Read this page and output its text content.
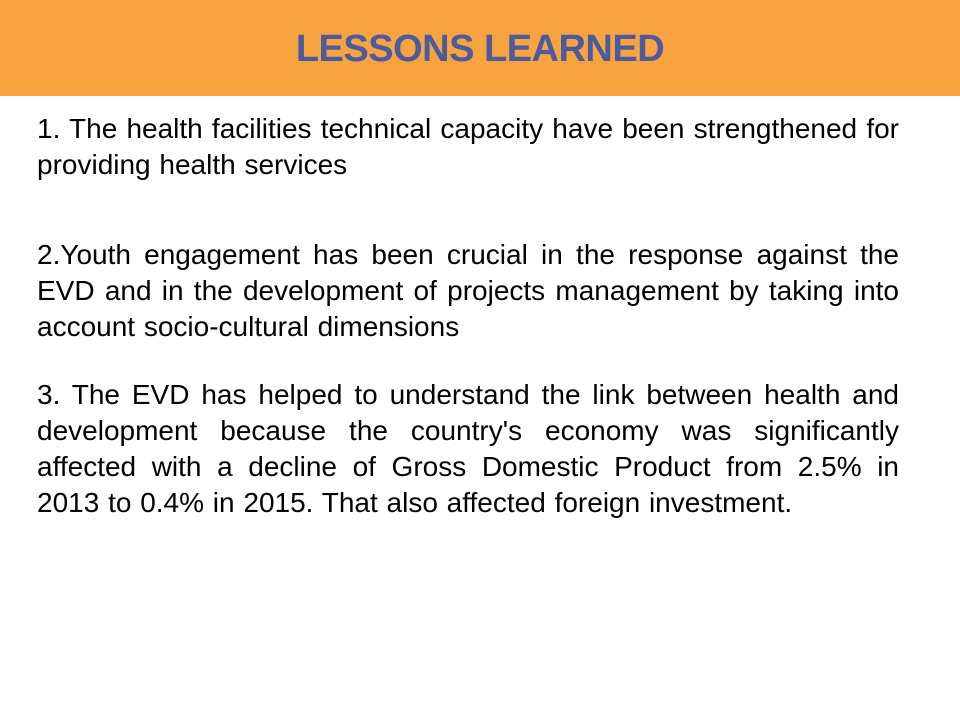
LESSONS LEARNED

1. The health facilities technical capacity have been strengthened for providing health services

2.Youth engagement has been crucial in the response against the EVD and in the development of projects management by taking into account socio-cultural dimensions

3. The EVD has helped to understand the link between health and development because the country's economy was significantly affected with a decline of Gross Domestic Product from 2.5% in 2013 to 0.4% in 2015. That also affected foreign investment.
